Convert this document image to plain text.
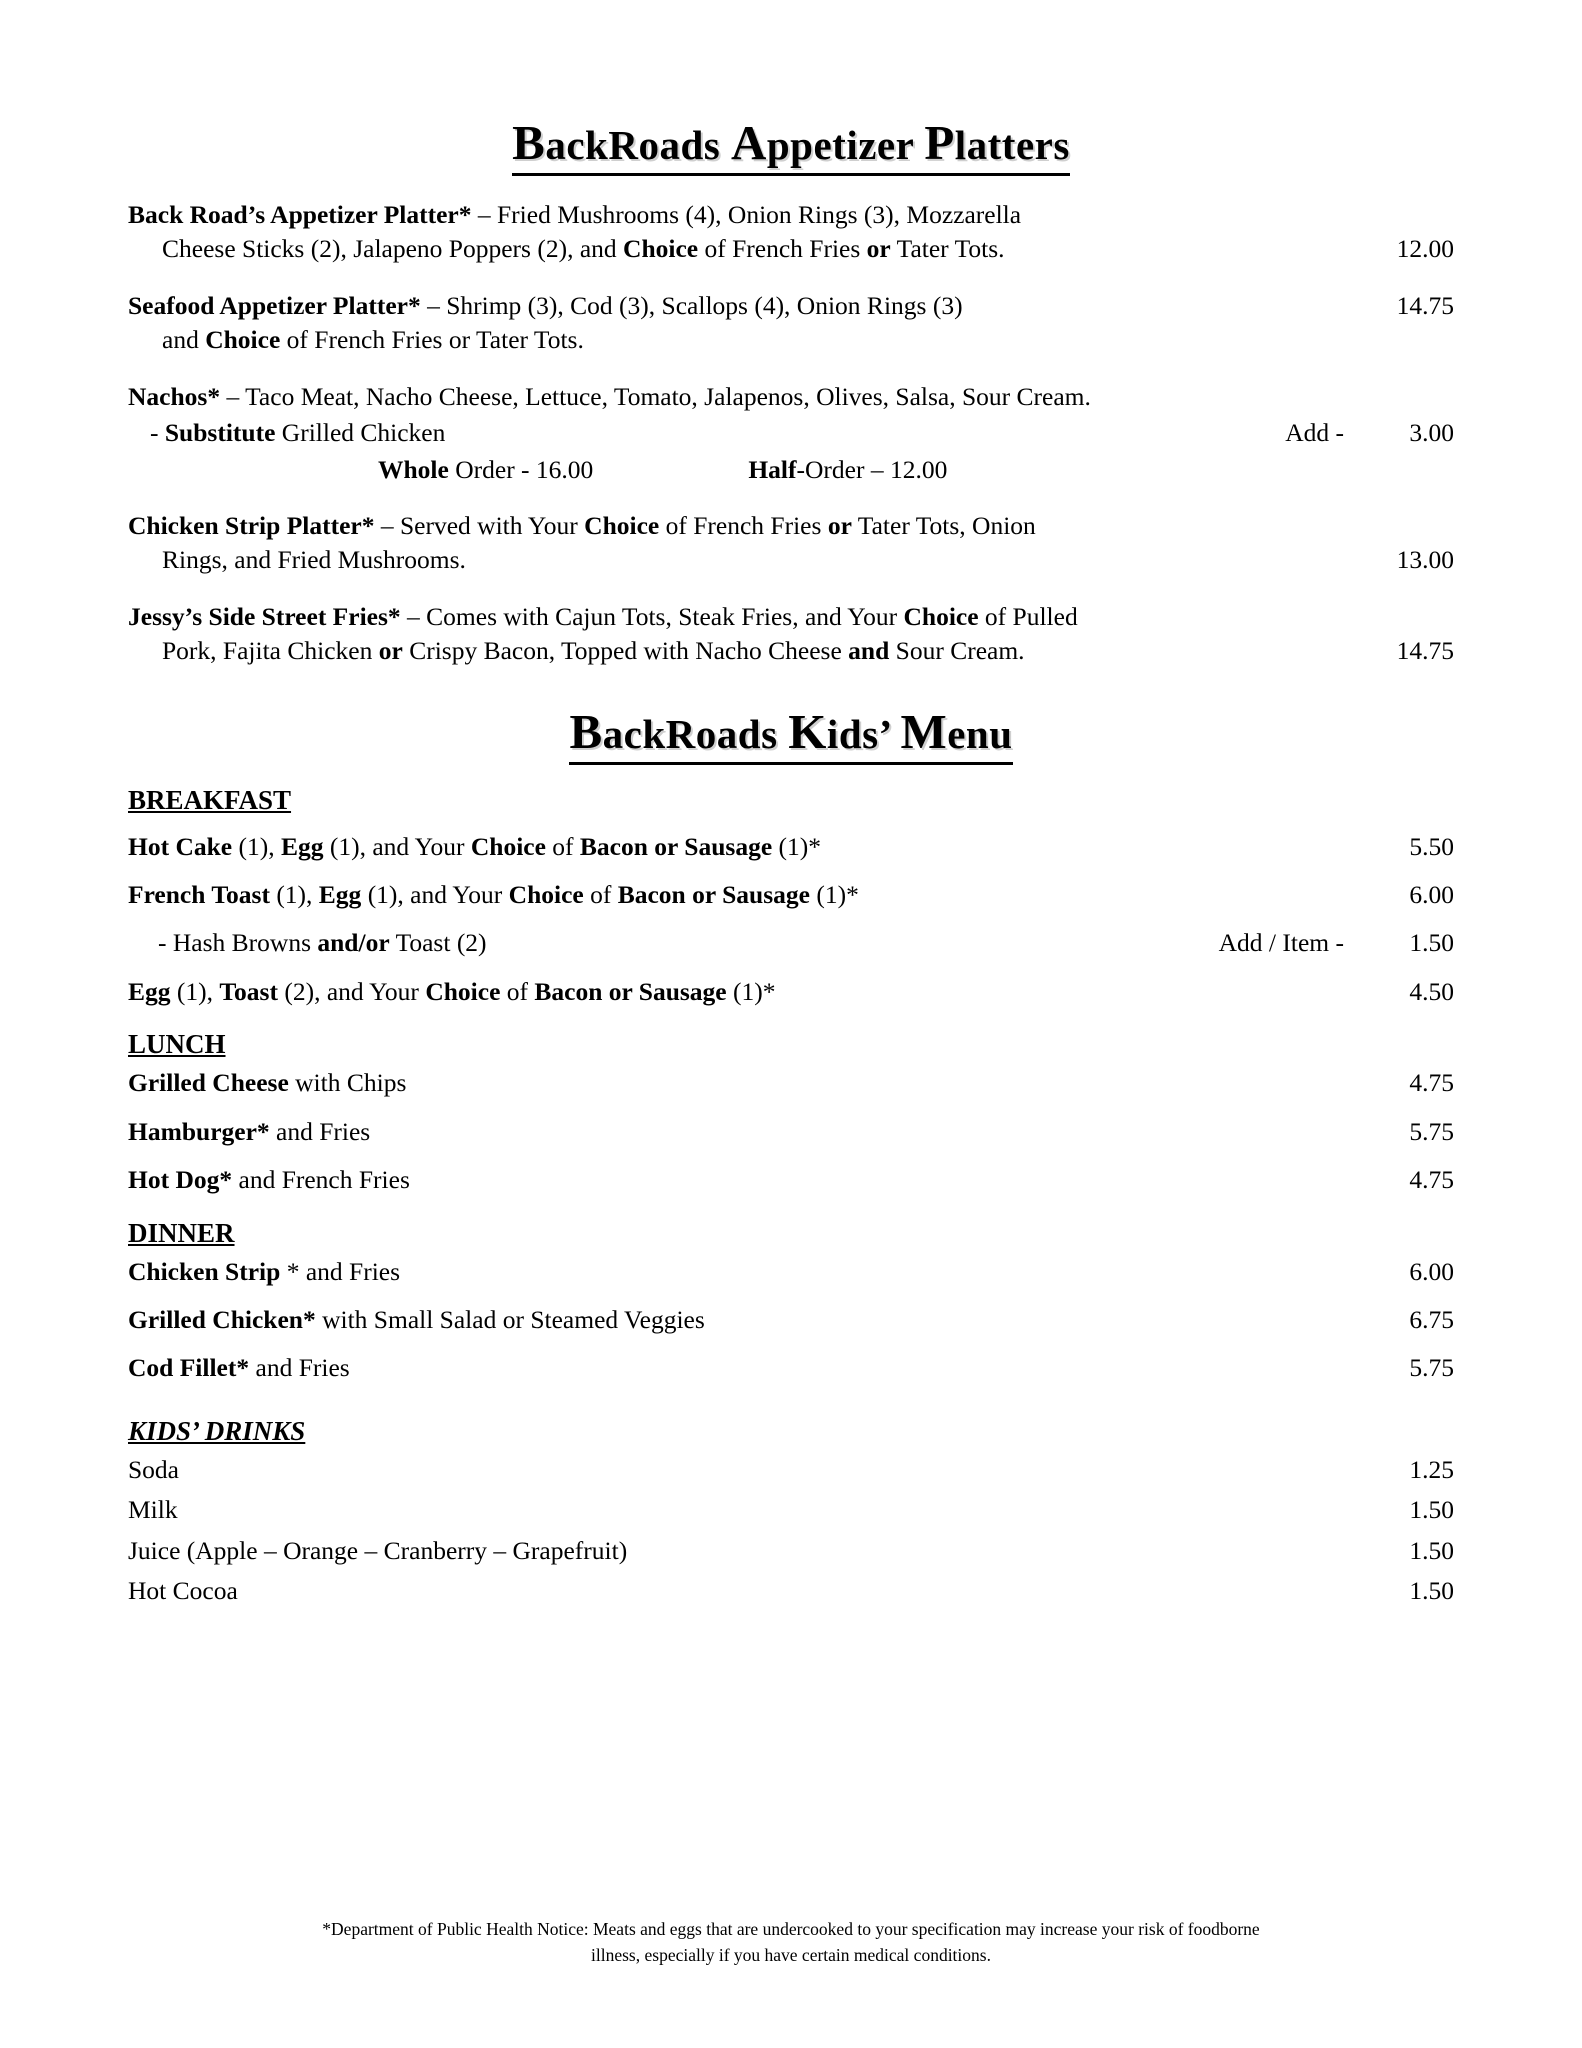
BackRoads Appetizer Platters
Back Road’s Appetizer Platter* – Fried Mushrooms (4), Onion Rings (3), Mozzarella
Cheese Sticks (2), Jalapeno Poppers (2), and Choice of French Fries or Tater Tots.	12.00
Seafood Appetizer Platter* – Shrimp (3), Cod (3), Scallops (4), Onion Rings (3)	14.75
and Choice of French Fries or Tater Tots.
Nachos* – Taco Meat, Nacho Cheese, Lettuce, Tomato, Jalapenos, Olives, Salsa, Sour Cream.
- Substitute Grilled Chicken	Add -	3.00
Whole Order - 16.00	Half-Order – 12.00
Chicken Strip Platter* – Served with Your Choice of French Fries or Tater Tots, Onion
Rings, and Fried Mushrooms.	13.00
Jessy’s Side Street Fries* – Comes with Cajun Tots, Steak Fries, and Your Choice of Pulled
Pork, Fajita Chicken or Crispy Bacon, Topped with Nacho Cheese and Sour Cream.	14.75
BackRoads Kids’ Menu
BREAKFAST
Hot Cake (1), Egg (1), and Your Choice of Bacon or Sausage (1)*	5.50
French Toast (1), Egg (1), and Your Choice of Bacon or Sausage (1)*	6.00
- Hash Browns and/or Toast (2)	Add / Item -	1.50
Egg (1), Toast (2), and Your Choice of Bacon or Sausage (1)*	4.50
LUNCH
Grilled Cheese with Chips	4.75
Hamburger* and Fries	5.75
Hot Dog* and French Fries	4.75
DINNER
Chicken Strip * and Fries	6.00
Grilled Chicken* with Small Salad or Steamed Veggies	6.75
Cod Fillet* and Fries	5.75
KIDS’ DRINKS
Soda	1.25
Milk	1.50
Juice (Apple – Orange – Cranberry – Grapefruit)	1.50
Hot Cocoa	1.50
*Department of Public Health Notice: Meats and eggs that are undercooked to your specification may increase your risk of foodborne
illness, especially if you have certain medical conditions.
